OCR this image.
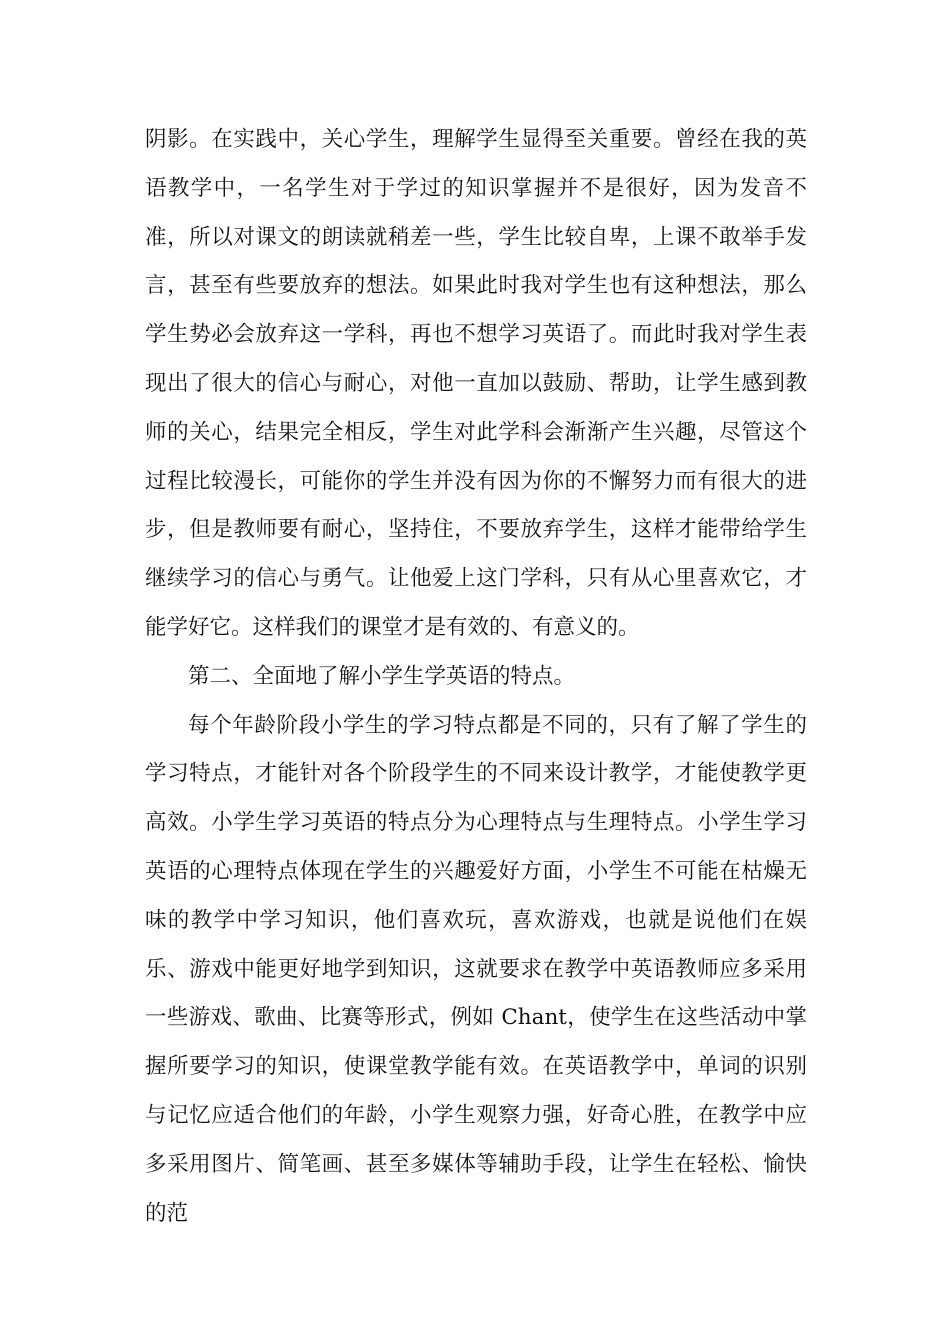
阴影。在实践中，关心学生，理解学生显得至关重要。曾经在我的英语教学中，一名学生对于学过的知识掌握并不是很好，因为发音不准，所以对课文的朗读就稍差一些，学生比较自卑，上课不敢举手发言，甚至有些要放弃的想法。如果此时我对学生也有这种想法，那么学生势必会放弃这一学科，再也不想学习英语了。而此时我对学生表现出了很大的信心与耐心，对他一直加以鼓励、帮助，让学生感到教师的关心，结果完全相反，学生对此学科会渐渐产生兴趣，尽管这个过程比较漫长，可能你的学生并没有因为你的不懈努力而有很大的进步，但是教师要有耐心，坚持住，不要放弃学生，这样才能带给学生继续学习的信心与勇气。让他爱上这门学科，只有从心里喜欢它，才能学好它。这样我们的课堂才是有效的、有意义的。

第二、全面地了解小学生学英语的特点。

每个年龄阶段小学生的学习特点都是不同的，只有了解了学生的学习特点，才能针对各个阶段学生的不同来设计教学，才能使教学更高效。小学生学习英语的特点分为心理特点与生理特点。小学生学习英语的心理特点体现在学生的兴趣爱好方面，小学生不可能在枯燥无味的教学中学习知识，他们喜欢玩，喜欢游戏，也就是说他们在娱乐、游戏中能更好地学到知识，这就要求在教学中英语教师应多采用一些游戏、歌曲、比赛等形式，例如 Chant，使学生在这些活动中掌握所要学习的知识，使课堂教学能有效。在英语教学中，单词的识别与记忆应适合他们的年龄，小学生观察力强，好奇心胜，在教学中应多采用图片、简笔画、甚至多媒体等辅助手段，让学生在轻松、愉快的范
